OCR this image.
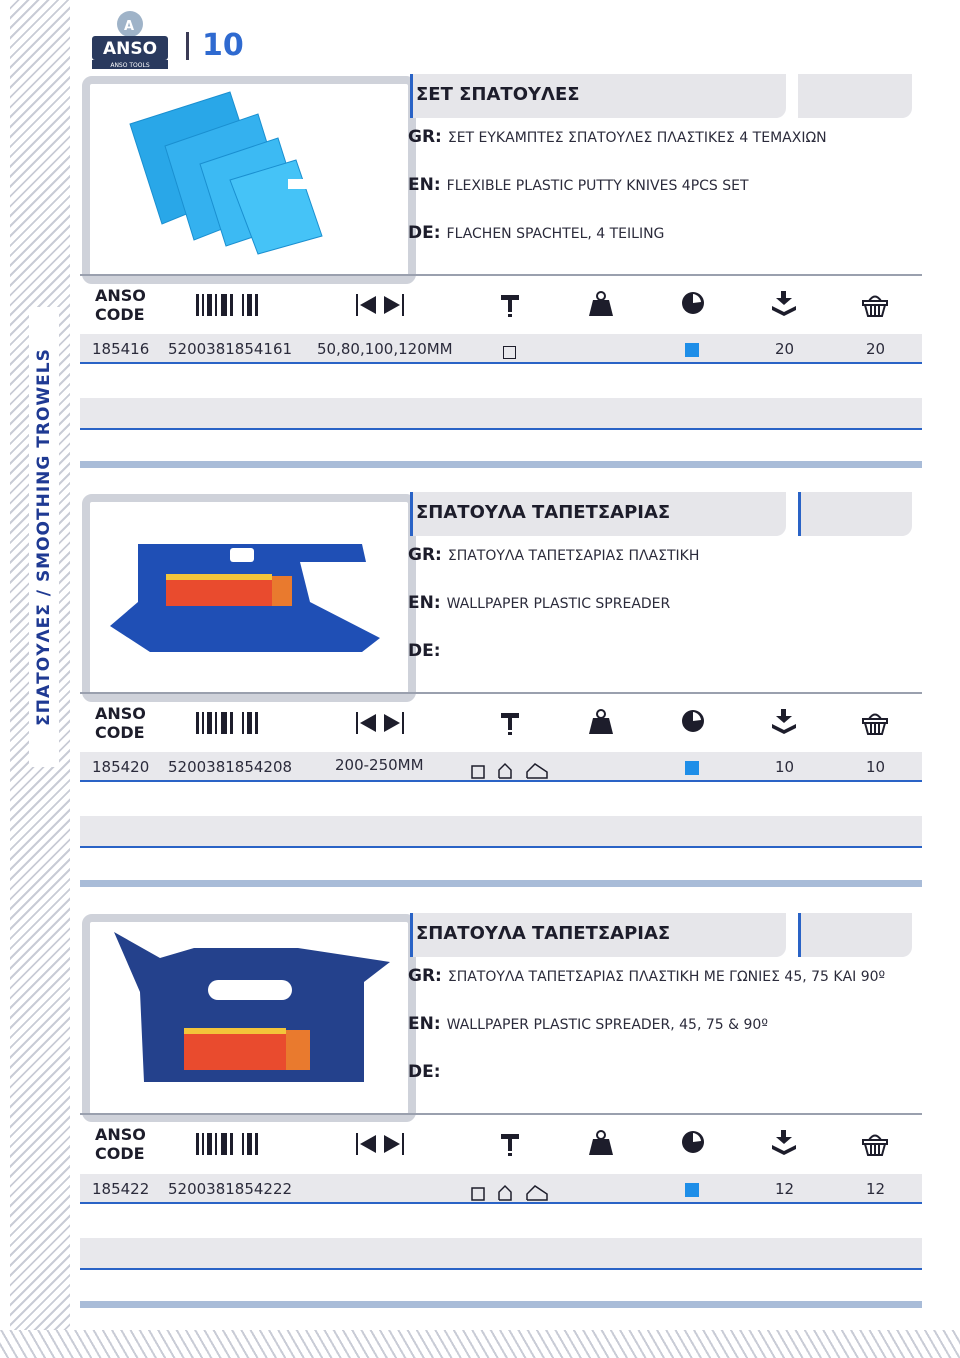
ΣΠΑΤΟΥΛΕΣ / SMOOTHING TROWELS
A
ANSO
ANSO TOOLS
10
ΣΕΤ ΣΠΑΤΟΥΛΕΣ
GR: ΣΕΤ ΕΥΚΑΜΠΤΕΣ ΣΠΑΤΟΥΛΕΣ ΠΛΑΣΤΙΚΕΣ 4 ΤΕΜΑΧΙΩΝ
EN: FLEXIBLE PLASTIC PUTTY KNIVES 4PCS SET
DE: FLACHEN SPACHTEL, 4 TEILING
ANSO
CODE
185416 5200381854161 50,80,100,120MM	20	20
ΣΠΑΤΟΥΛΑ ΤΑΠΕΤΣΑΡΙΑΣ
GR: ΣΠΑΤΟΥΛΑ ΤΑΠΕΤΣΑΡΙΑΣ ΠΛΑΣΤΙΚΗ
EN: WALLPAPER PLASTIC SPREADER
DE:
ANSO
CODE
185420 5200381854208	200-250MM	10	10
ΣΠΑΤΟΥΛΑ ΤΑΠΕΤΣΑΡΙΑΣ
GR: ΣΠΑΤΟΥΛΑ ΤΑΠΕΤΣΑΡΙΑΣ ΠΛΑΣΤΙΚΗ ΜΕ ΓΩΝΙΕΣ 45, 75 ΚΑΙ 90º
EN: WALLPAPER PLASTIC SPREADER, 45, 75 & 90º
DE:
ANSO
CODE
185422 5200381854222	12	12
